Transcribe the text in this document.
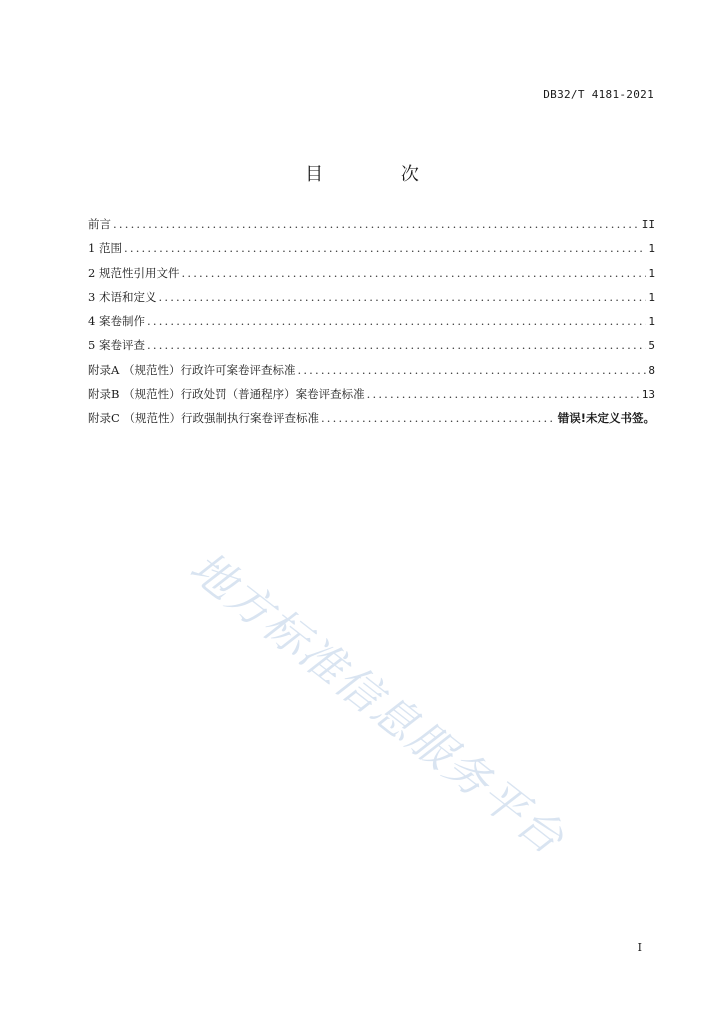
DB32/T 4181-2021
目 次
前言 .....	II
1 范围 .....	1
2 规范性引用文件 .....	1
3 术语和定义 .....	1
4 案卷制作 .....	1
5 案卷评查 .....	5
附录A （规范性）行政许可案卷评查标准 .....	8
附录B （规范性）行政处罚（普通程序）案卷评查标准 .....	13
附录C （规范性）行政强制执行案卷评查标准 .....	错误!未定义书签。
地方标准信息服务平台
I
